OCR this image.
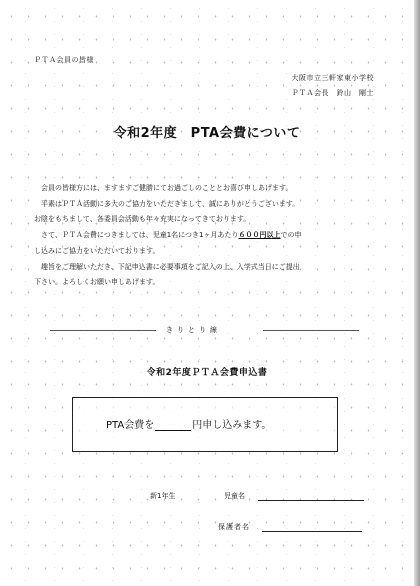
ＰＴＡ会員の皆様
大阪市立三軒家東小学校
ＰＴＡ会長　鈴山　剛士
令和2年度　PTA会費について

　会員の皆様方には、ますますご健勝にてお過ごしのこととお喜び申しあげます。

　平素はＰＴＡ活動に多大のご協力をいただきまして、誠にありがとうございます。

お陰をもちまして、各委員会活動も年々充実になってきております。

　さて、ＰＴＡ会費につきましては、児童1名につき1ヶ月あたり６００円以上での申

し込みにご協力をいただいております。

　趣旨をご理解いただき、下記申込書に必要事項をご記入の上、入学式当日にご提出

下さい。よろしくお願い申しあげます。

きりとり線
令和2年度ＰＴＡ会費申込書
PTA会費を	円申し込みます。
新1年生	児童名
保護者名
